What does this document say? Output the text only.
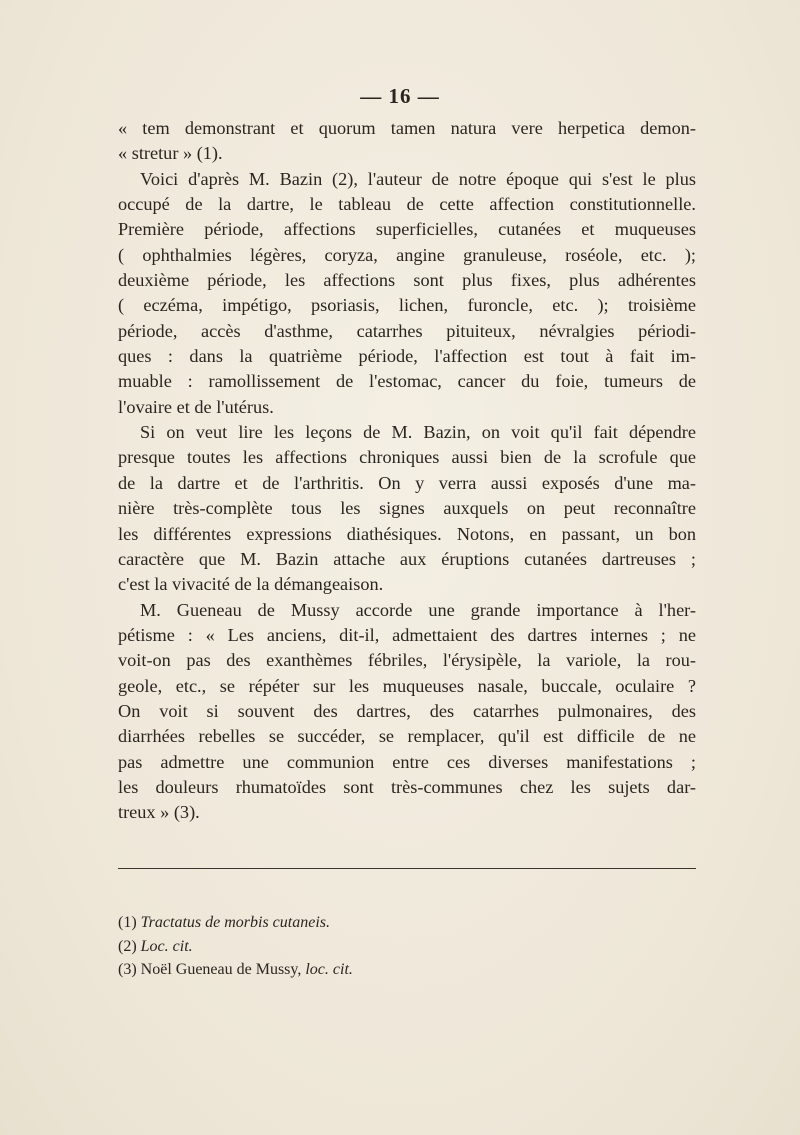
— 16 —
« tem demonstrant et quorum tamen natura vere herpetica demon-
« stretur » (1).
Voici d'après M. Bazin (2), l'auteur de notre époque qui s'est le plus
occupé de la dartre, le tableau de cette affection constitutionnelle.
Première période, affections superficielles, cutanées et muqueuses
( ophthalmies légères, coryza, angine granuleuse, roséole, etc. );
deuxième période, les affections sont plus fixes, plus adhérentes
( eczéma, impétigo, psoriasis, lichen, furoncle, etc. ); troisième
période, accès d'asthme, catarrhes pituiteux, névralgies périodi-
ques : dans la quatrième période, l'affection est tout à fait im-
muable : ramollissement de l'estomac, cancer du foie, tumeurs de
l'ovaire et de l'utérus.
Si on veut lire les leçons de M. Bazin, on voit qu'il fait dépendre
presque toutes les affections chroniques aussi bien de la scrofule que
de la dartre et de l'arthritis. On y verra aussi exposés d'une ma-
nière très-complète tous les signes auxquels on peut reconnaître
les différentes expressions diathésiques. Notons, en passant, un bon
caractère que M. Bazin attache aux éruptions cutanées dartreuses ;
c'est la vivacité de la démangeaison.
M. Gueneau de Mussy accorde une grande importance à l'her-
pétisme : « Les anciens, dit-il, admettaient des dartres internes ; ne
voit-on pas des exanthèmes fébriles, l'érysipèle, la variole, la rou-
geole, etc., se répéter sur les muqueuses nasale, buccale, oculaire ?
On voit si souvent des dartres, des catarrhes pulmonaires, des
diarrhées rebelles se succéder, se remplacer, qu'il est difficile de ne
pas admettre une communion entre ces diverses manifestations ;
les douleurs rhumatoïdes sont très-communes chez les sujets dar-
treux » (3).
(1) Tractatus de morbis cutaneis.
(2) Loc. cit.
(3) Noël Gueneau de Mussy, loc. cit.
